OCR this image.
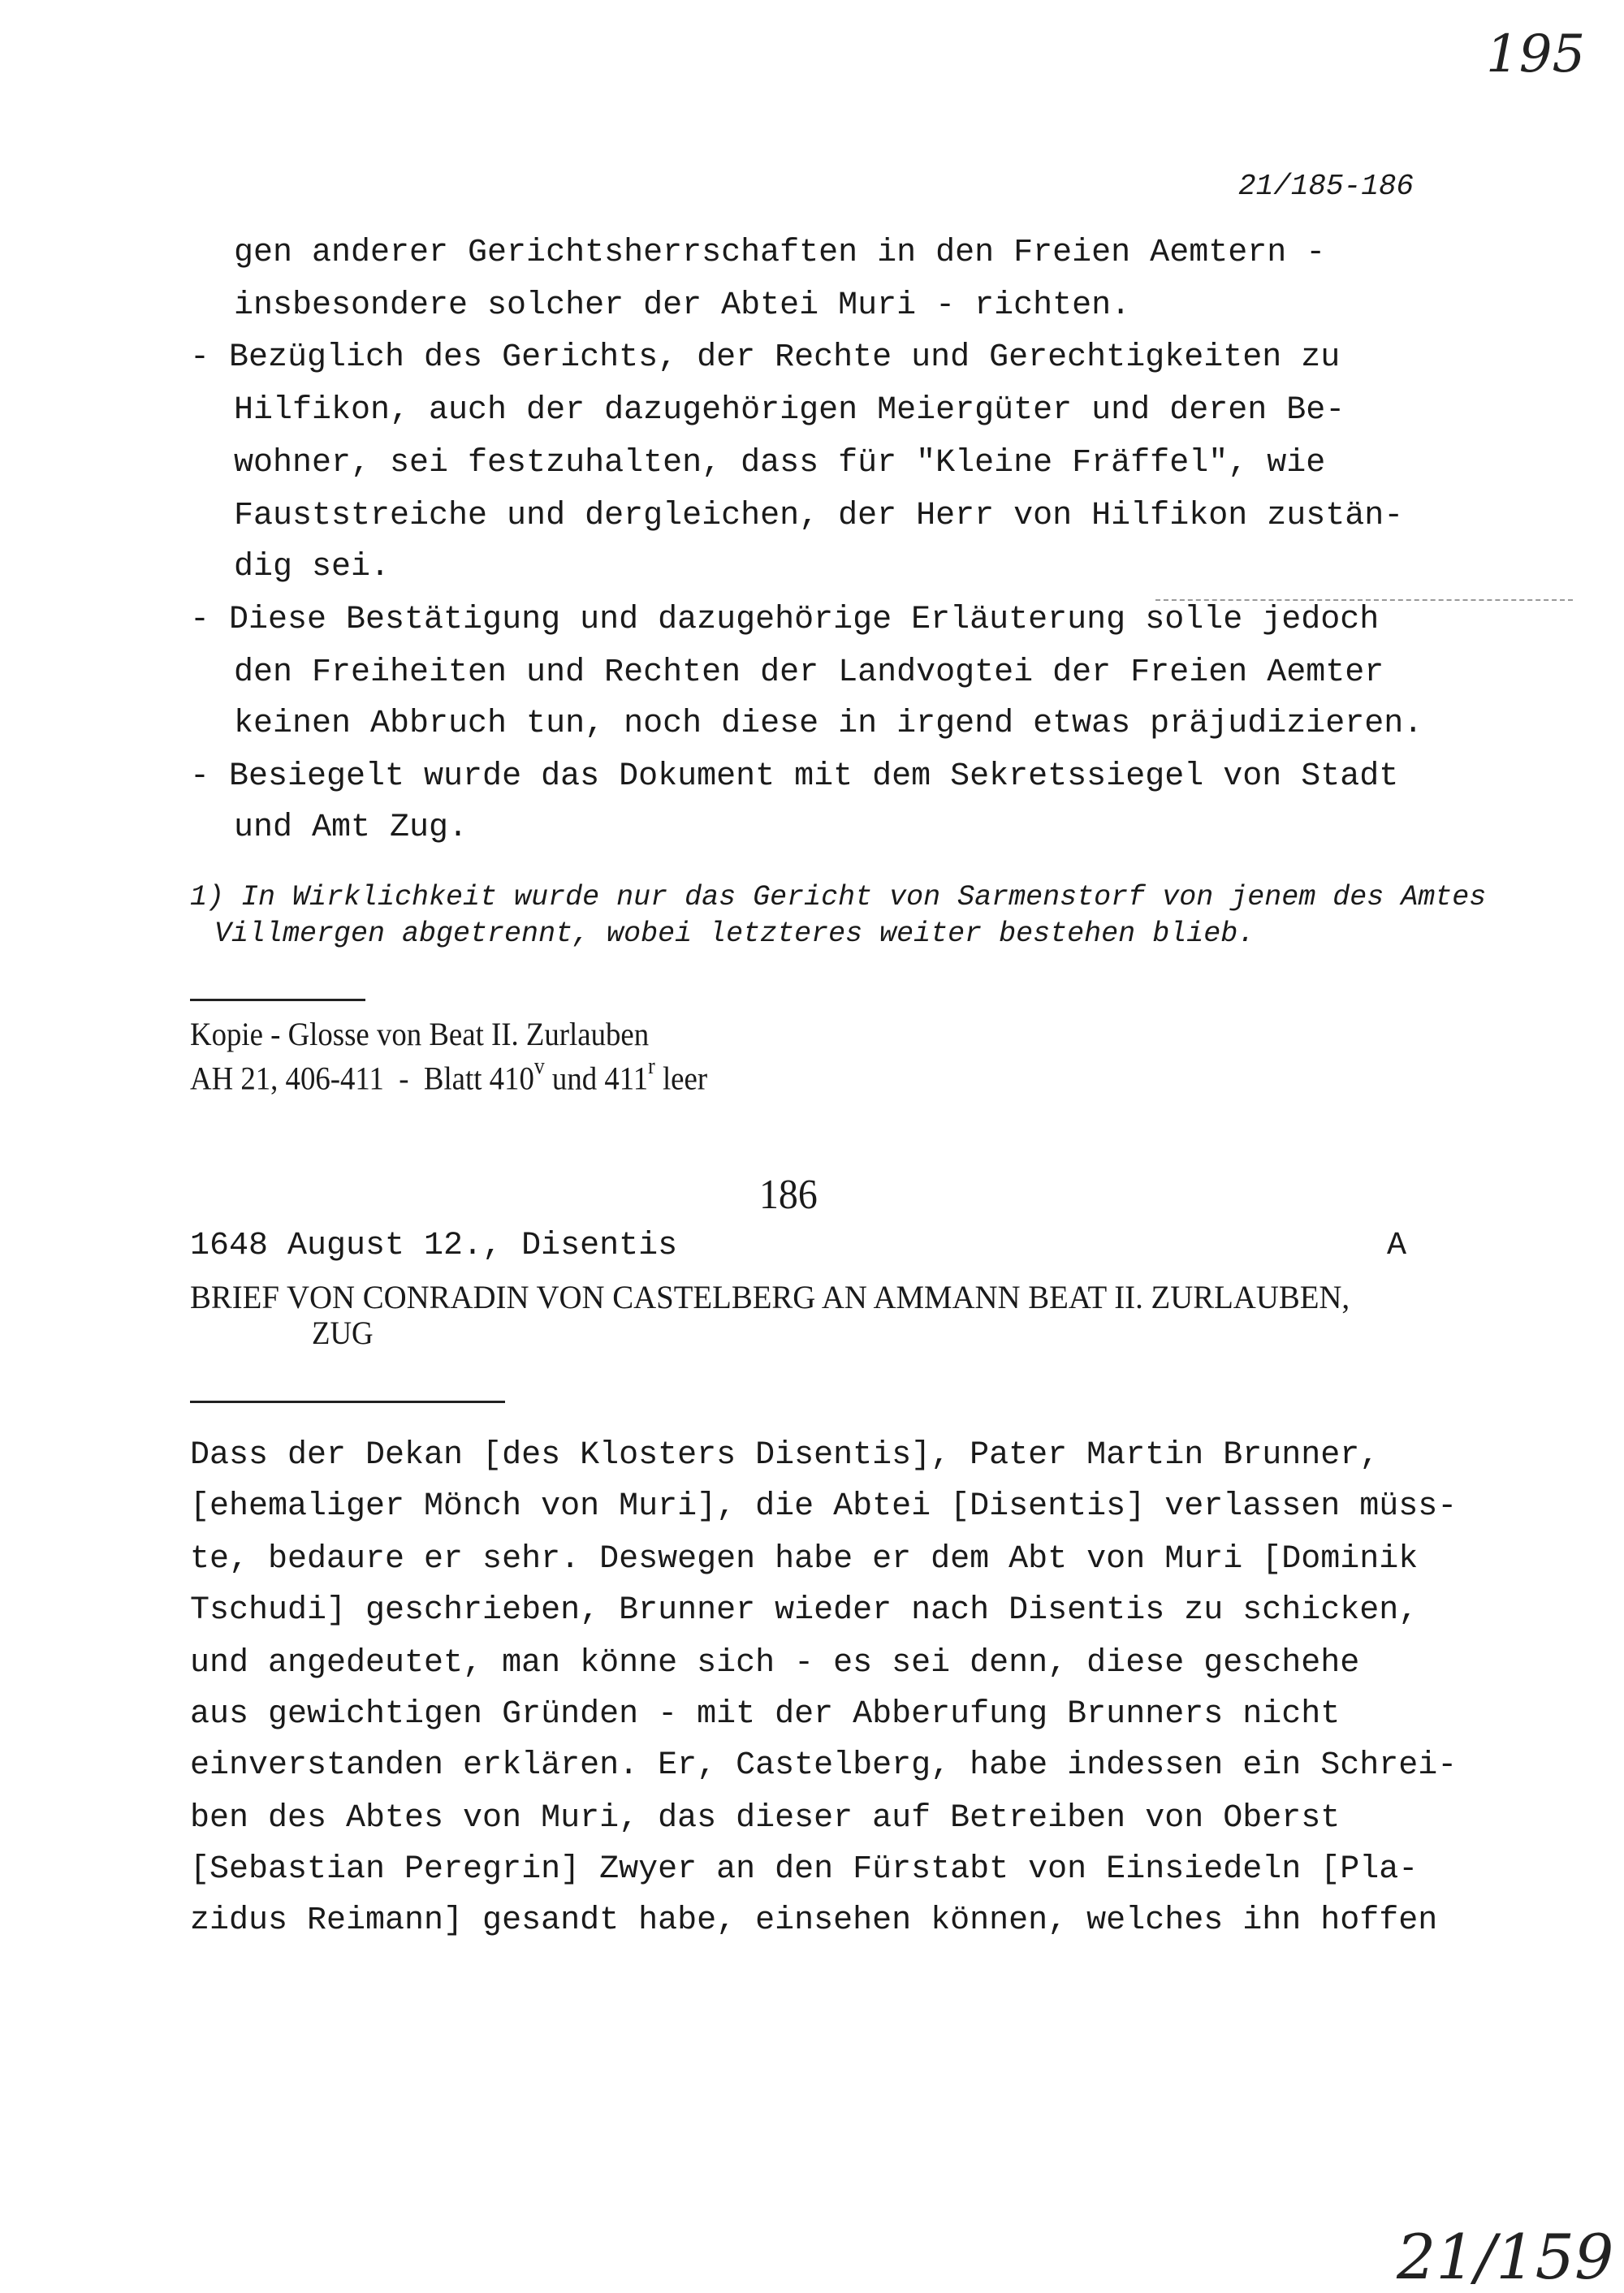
195
21/185-186
gen anderer Gerichtsherrschaften in den Freien Aemtern -
insbesondere solcher der Abtei Muri - richten.
- Bezüglich des Gerichts, der Rechte und Gerechtigkeiten zu
Hilfikon, auch der dazugehörigen Meiergüter und deren Be-
wohner, sei festzuhalten, dass für "Kleine Fräffel", wie
Fauststreiche und dergleichen, der Herr von Hilfikon zustän-
dig sei.
- Diese Bestätigung und dazugehörige Erläuterung solle jedoch
den Freiheiten und Rechten der Landvogtei der Freien Aemter
keinen Abbruch tun, noch diese in irgend etwas präjudizieren.
- Besiegelt wurde das Dokument mit dem Sekretssiegel von Stadt
und Amt Zug.
1) In Wirklichkeit wurde nur das Gericht von Sarmenstorf von jenem des Amtes
Villmergen abgetrennt, wobei letzteres weiter bestehen blieb.
Kopie - Glosse von Beat II. Zurlauben
AH 21, 406-411  -  Blatt 410$^v$ und 411$^r$ leer
186
1648 August 12., Disentis	A
BRIEF VON CONRADIN VON CASTELBERG AN AMMANN BEAT II. ZURLAUBEN,
ZUG
Dass der Dekan [des Klosters Disentis], Pater Martin Brunner,
[ehemaliger Mönch von Muri], die Abtei [Disentis] verlassen müss-
te, bedaure er sehr. Deswegen habe er dem Abt von Muri [Dominik
Tschudi] geschrieben, Brunner wieder nach Disentis zu schicken,
und angedeutet, man könne sich - es sei denn, diese geschehe
aus gewichtigen Gründen - mit der Abberufung Brunners nicht
einverstanden erklären. Er, Castelberg, habe indessen ein Schrei-
ben des Abtes von Muri, das dieser auf Betreiben von Oberst
[Sebastian Peregrin] Zwyer an den Fürstabt von Einsiedeln [Pla-
zidus Reimann] gesandt habe, einsehen können, welches ihn hoffen
21/159
